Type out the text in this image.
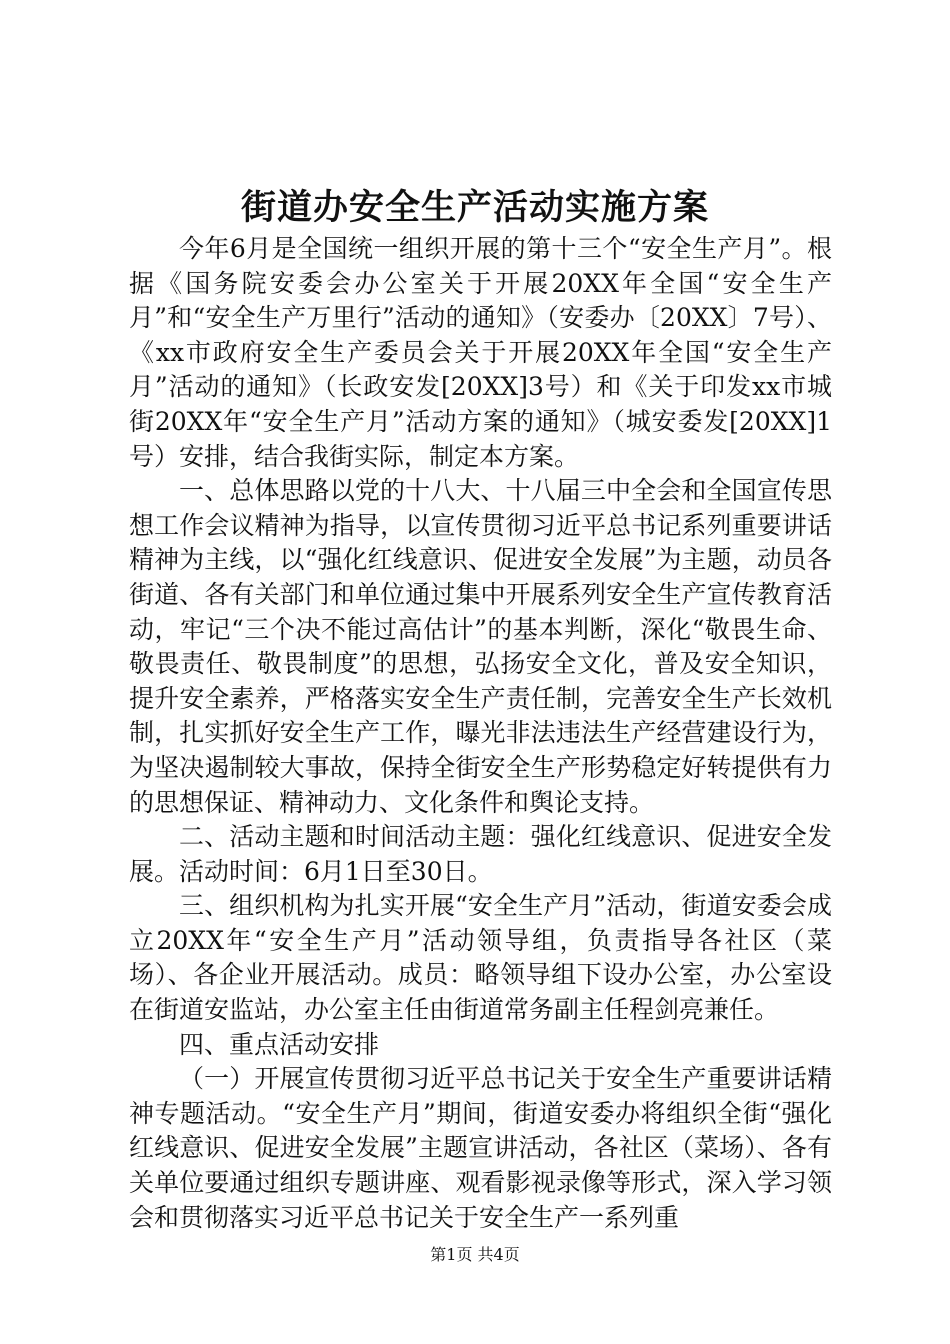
街道办安全生产活动实施方案

今年6月是全国统一组织开展的第十三个“安全生产月”。根据《国务院安委会办公室关于开展20XX年全国“安全生产月”和“安全生产万里行”活动的通知》（安委办〔20XX〕7号）、《xx市政府安全生产委员会关于开展20XX年全国“安全生产月”活动的通知》（长政安发[20XX]3号）和《关于印发xx市城街20XX年“安全生产月”活动方案的通知》（城安委发[20XX]1号）安排，结合我街实际，制定本方案。

一、总体思路以党的十八大、十八届三中全会和全国宣传思想工作会议精神为指导，以宣传贯彻习近平总书记系列重要讲话精神为主线，以“强化红线意识、促进安全发展”为主题，动员各街道、各有关部门和单位通过集中开展系列安全生产宣传教育活动，牢记“三个决不能过高估计”的基本判断，深化“敬畏生命、敬畏责任、敬畏制度”的思想，弘扬安全文化，普及安全知识，提升安全素养，严格落实安全生产责任制，完善安全生产长效机制，扎实抓好安全生产工作，曝光非法违法生产经营建设行为，为坚决遏制较大事故，保持全街安全生产形势稳定好转提供有力的思想保证、精神动力、文化条件和舆论支持。

二、活动主题和时间活动主题：强化红线意识、促进安全发展。活动时间：6月1日至30日。

三、组织机构为扎实开展“安全生产月”活动，街道安委会成立20XX年“安全生产月”活动领导组，负责指导各社区（菜场）、各企业开展活动。成员：略领导组下设办公室，办公室设在街道安监站，办公室主任由街道常务副主任程剑亮兼任。

四、重点活动安排

（一）开展宣传贯彻习近平总书记关于安全生产重要讲话精神专题活动。“安全生产月”期间，街道安委办将组织全街“强化红线意识、促进安全发展”主题宣讲活动，各社区（菜场）、各有关单位要通过组织专题讲座、观看影视录像等形式，深入学习领会和贯彻落实习近平总书记关于安全生产一系列重

第1页 共4页
